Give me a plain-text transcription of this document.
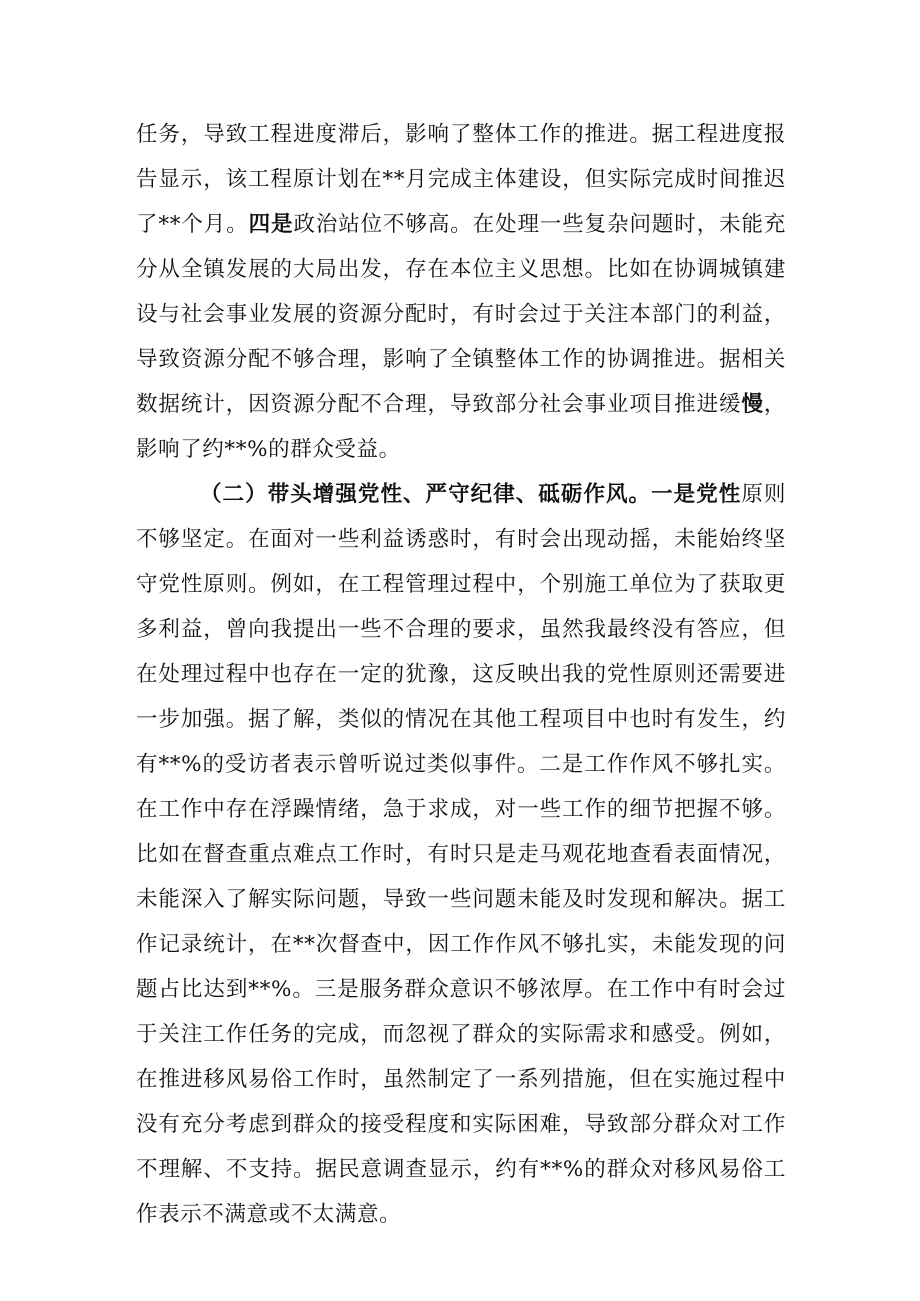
任务，导致工程进度滞后，影响了整体工作的推进。据工程进度报告显示，该工程原计划在**月完成主体建设，但实际完成时间推迟了**个月。四是政治站位不够高。在处理一些复杂问题时，未能充分从全镇发展的大局出发，存在本位主义思想。比如在协调城镇建设与社会事业发展的资源分配时，有时会过于关注本部门的利益，导致资源分配不够合理，影响了全镇整体工作的协调推进。据相关数据统计，因资源分配不合理，导致部分社会事业项目推进缓慢，影响了约**%的群众受益。

（二）带头增强党性、严守纪律、砥砺作风。一是党性原则不够坚定。在面对一些利益诱惑时，有时会出现动摇，未能始终坚守党性原则。例如，在工程管理过程中，个别施工单位为了获取更多利益，曾向我提出一些不合理的要求，虽然我最终没有答应，但在处理过程中也存在一定的犹豫，这反映出我的党性原则还需要进一步加强。据了解，类似的情况在其他工程项目中也时有发生，约有**%的受访者表示曾听说过类似事件。二是工作作风不够扎实。在工作中存在浮躁情绪，急于求成，对一些工作的细节把握不够。比如在督查重点难点工作时，有时只是走马观花地查看表面情况，未能深入了解实际问题，导致一些问题未能及时发现和解决。据工作记录统计，在**次督查中，因工作作风不够扎实，未能发现的问题占比达到**%。三是服务群众意识不够浓厚。在工作中有时会过于关注工作任务的完成，而忽视了群众的实际需求和感受。例如，在推进移风易俗工作时，虽然制定了一系列措施，但在实施过程中没有充分考虑到群众的接受程度和实际困难，导致部分群众对工作不理解、不支持。据民意调查显示，约有**%的群众对移风易俗工作表示不满意或不太满意。
